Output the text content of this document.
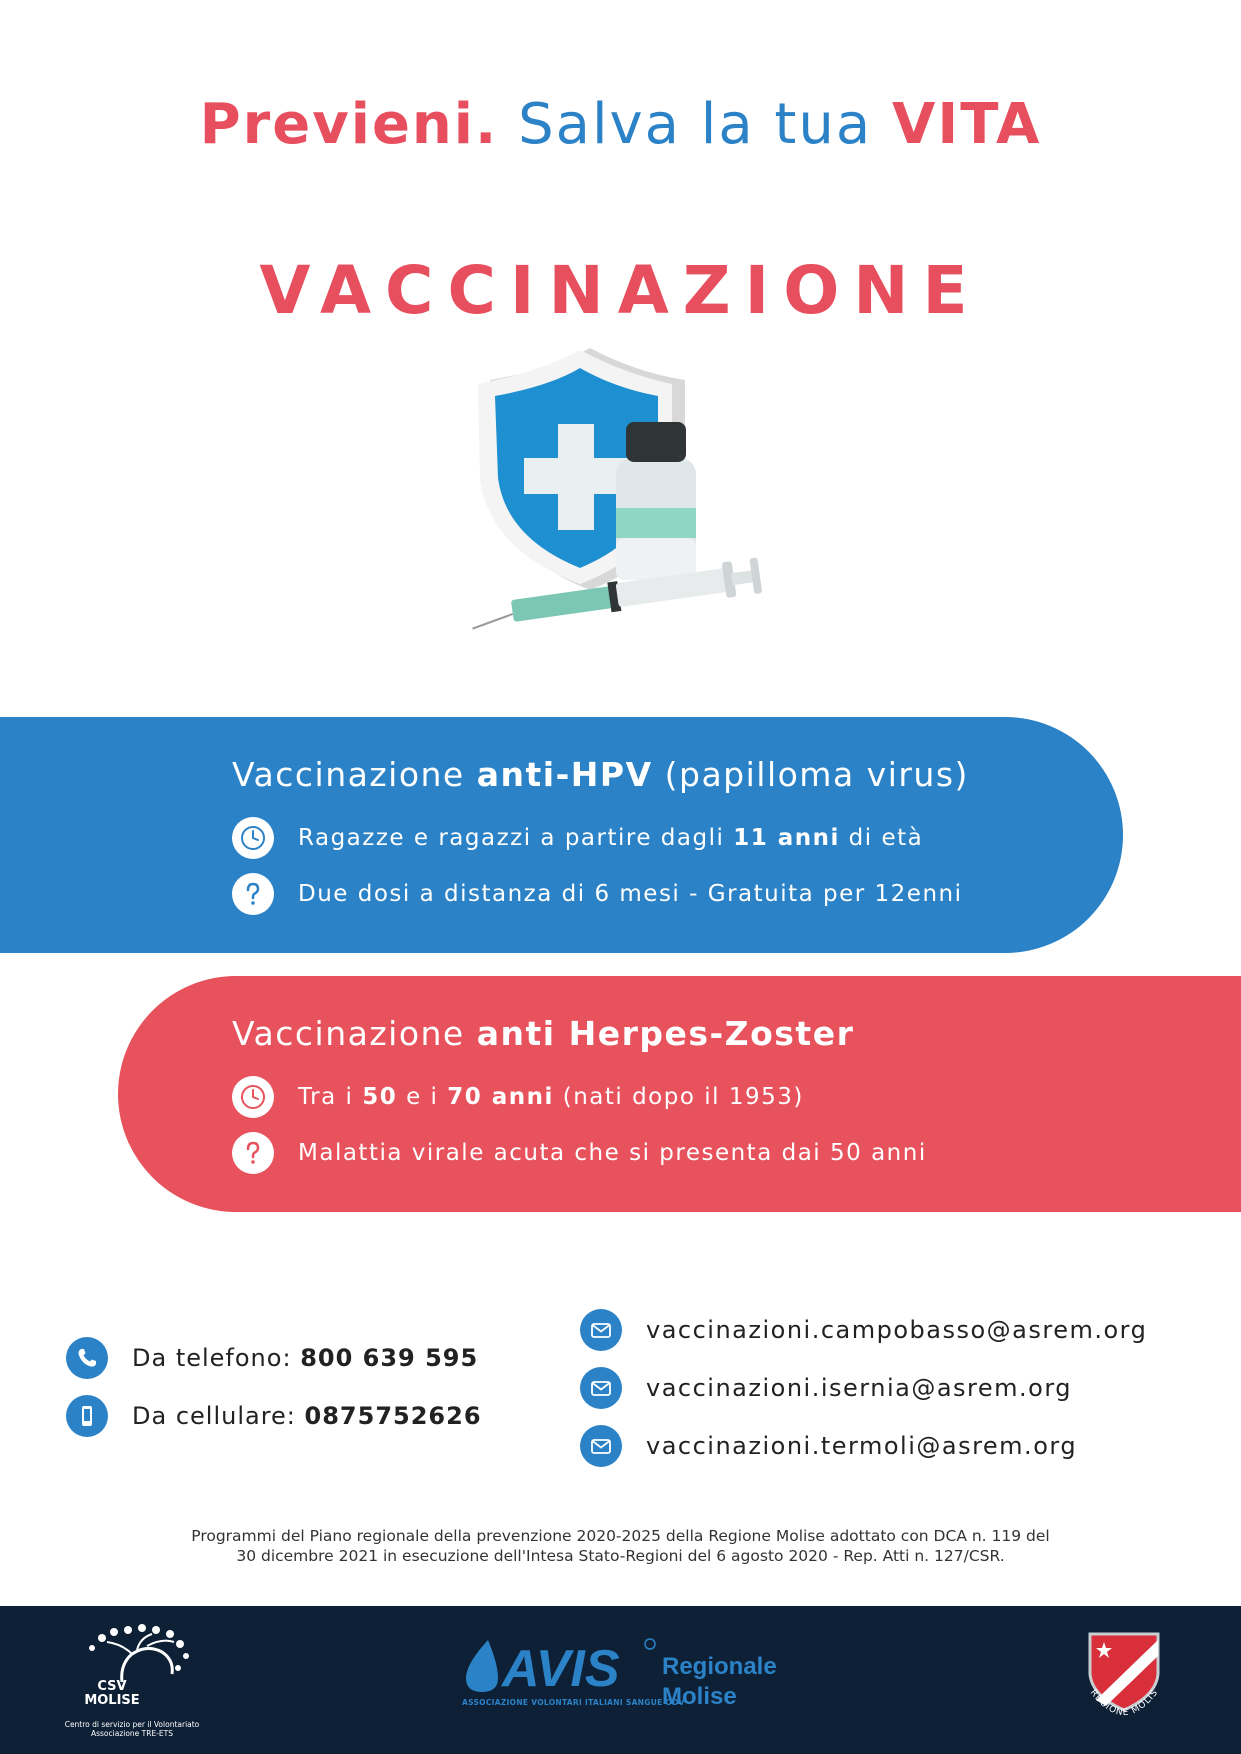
Previeni. Salva la tua VITA
VACCINAZIONE
Vaccinazione anti-HPV (papilloma virus)
Ragazze e ragazzi a partire dagli 11 anni di età
Due dosi a distanza di 6 mesi - Gratuita per 12enni
Vaccinazione anti Herpes-Zoster
Tra i 50 e i 70 anni (nati dopo il 1953)
Malattia virale acuta che si presenta dai 50 anni
Da telefono: 800 639 595
Da cellulare: 0875752626
vaccinazioni.campobasso@asrem.org
vaccinazioni.isernia@asrem.org
vaccinazioni.termoli@asrem.org
Programmi del Piano regionale della prevenzione 2020-2025 della Regione Molise adottato con DCA n. 119 del
30 dicembre 2021 in esecuzione dell'Intesa Stato-Regioni del 6 agosto 2020 - Rep. Atti n. 127/CSR.
CSV
MOLISE
Centro di servizio per il Volontariato
Associazione TRE-ETS
AVIS
ASSOCIAZIONE VOLONTARI ITALIANI SANGUE ODV
Regionale
Molise	REGIONE MOLIS
